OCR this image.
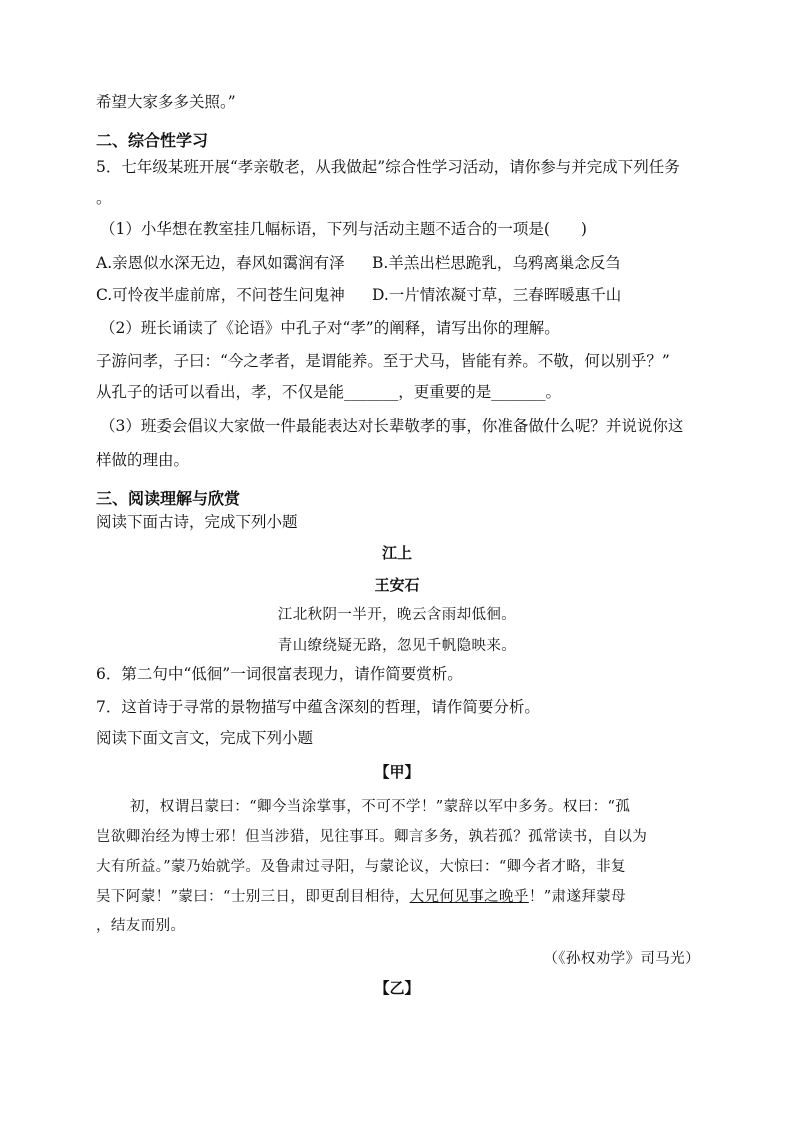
希望大家多多关照。”
二、综合性学习
5．七年级某班开展“孝亲敬老，从我做起”综合性学习活动，请你参与并完成下列任务
。
（1）小华想在教室挂几幅标语，下列与活动主题不适合的一项是(　　)
A.亲恩似水深无边，春风如霭润有泽 B.羊羔出栏思跪乳，乌鸦离巢念反刍
C.可怜夜半虚前席，不问苍生问鬼神 D.一片情浓凝寸草，三春晖暖惠千山
（2）班长诵读了《论语》中孔子对“孝”的阐释，请写出你的理解。
子游问孝，子曰：“今之孝者，是谓能养。至于犬马，皆能有养。不敬，何以别乎？”
从孔子的话可以看出，孝，不仅是能_______，更重要的是_______。
（3）班委会倡议大家做一件最能表达对长辈敬孝的事，你准备做什么呢？并说说你这
样做的理由。
三、阅读理解与欣赏
阅读下面古诗，完成下列小题
江上
王安石
江北秋阴一半开，晚云含雨却低徊。
青山缭绕疑无路，忽见千帆隐映来。
6．第二句中“低徊”一词很富表现力，请作简要赏析。
7．这首诗于寻常的景物描写中蕴含深刻的哲理，请作简要分析。
阅读下面文言文，完成下列小题
【甲】
初，权谓吕蒙曰：“卿今当涂掌事，不可不学！”蒙辞以军中多务。权曰：“孤
岂欲卿治经为博士邪！但当涉猎，见往事耳。卿言多务，孰若孤？孤常读书，自以为
大有所益。”蒙乃始就学。及鲁肃过寻阳，与蒙论议，大惊曰：“卿今者才略，非复
吴下阿蒙！”蒙曰：“士别三日，即更刮目相待，大兄何见事之晚乎！”肃遂拜蒙母
，结友而别。
（《孙权劝学》司马光）
【乙】
